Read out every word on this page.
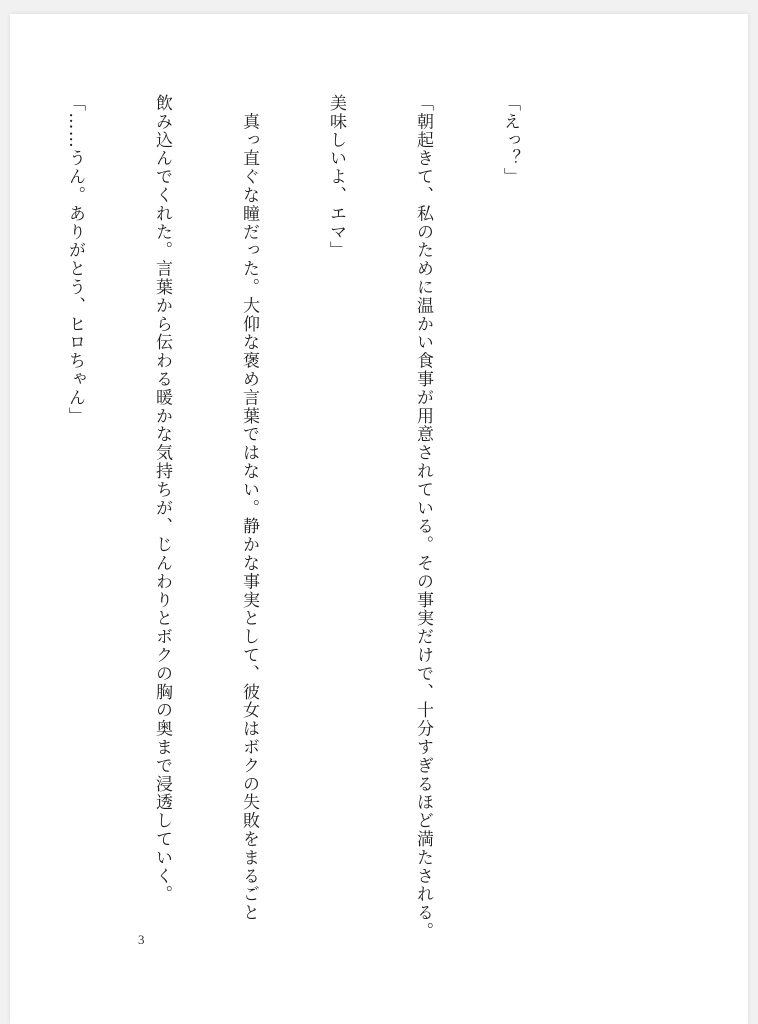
「えっ？」

「朝起きて、私のために温かい食事が用意されている。その事実だけで、十分すぎるほど満たされる。

美味しいよ、エマ」

　真っ直ぐな瞳だった。大仰な褒め言葉ではない。静かな事実として、彼女はボクの失敗をまるごと

飲み込んでくれた。言葉から伝わる暖かな気持ちが、じんわりとボクの胸の奥まで浸透していく。

「……うん。ありがとう、ヒロちゃん」

3
